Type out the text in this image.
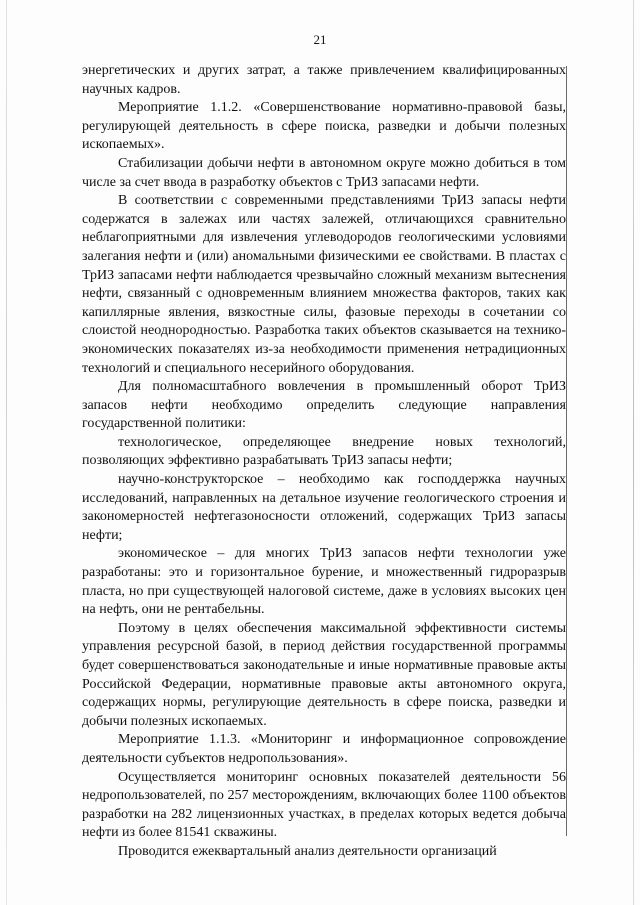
21

энергетических и других затрат, а также привлечением квалифицированных научных кадров.

Мероприятие 1.1.2. «Совершенствование нормативно-правовой базы, регулирующей деятельность в сфере поиска, разведки и добычи полезных ископаемых».

Стабилизации добычи нефти в автономном округе можно добиться в том числе за счет ввода в разработку объектов с ТрИЗ запасами нефти.

В соответствии с современными представлениями ТрИЗ запасы нефти содержатся в залежах или частях залежей, отличающихся сравнительно неблагоприятными для извлечения углеводородов геологическими условиями залегания нефти и (или) аномальными физическими ее свойствами. В пластах с ТрИЗ запасами нефти наблюдается чрезвычайно сложный механизм вытеснения нефти, связанный с одновременным влиянием множества факторов, таких как капиллярные явления, вязкостные силы, фазовые переходы в сочетании со слоистой неоднородностью. Разработка таких объектов сказывается на технико-экономических показателях из-за необходимости применения нетрадиционных технологий и специального несерийного оборудования.

Для полномасштабного вовлечения в промышленный оборот ТрИЗ запасов нефти необходимо определить следующие направления государственной политики:

технологическое, определяющее внедрение новых технологий, позволяющих эффективно разрабатывать ТрИЗ запасы нефти;

научно-конструкторское – необходимо как господдержка научных исследований, направленных на детальное изучение геологического строения и закономерностей нефтегазоносности отложений, содержащих ТрИЗ запасы нефти;

экономическое – для многих ТрИЗ запасов нефти технологии уже разработаны: это и горизонтальное бурение, и множественный гидроразрыв пласта, но при существующей налоговой системе, даже в условиях высоких цен на нефть, они не рентабельны.

Поэтому в целях обеспечения максимальной эффективности системы управления ресурсной базой, в период действия государственной программы будет совершенствоваться законодательные и иные нормативные правовые акты Российской Федерации, нормативные правовые акты автономного округа, содержащих нормы, регулирующие деятельность в сфере поиска, разведки и добычи полезных ископаемых.

Мероприятие 1.1.3. «Мониторинг и информационное сопровождение деятельности субъектов недропользования».

Осуществляется мониторинг основных показателей деятельности 56 недропользователей, по 257 месторождениям, включающих более 1100 объектов разработки на 282 лицензионных участках, в пределах которых ведется добыча нефти из более 81541 скважины.

Проводится ежеквартальный анализ деятельности организаций
